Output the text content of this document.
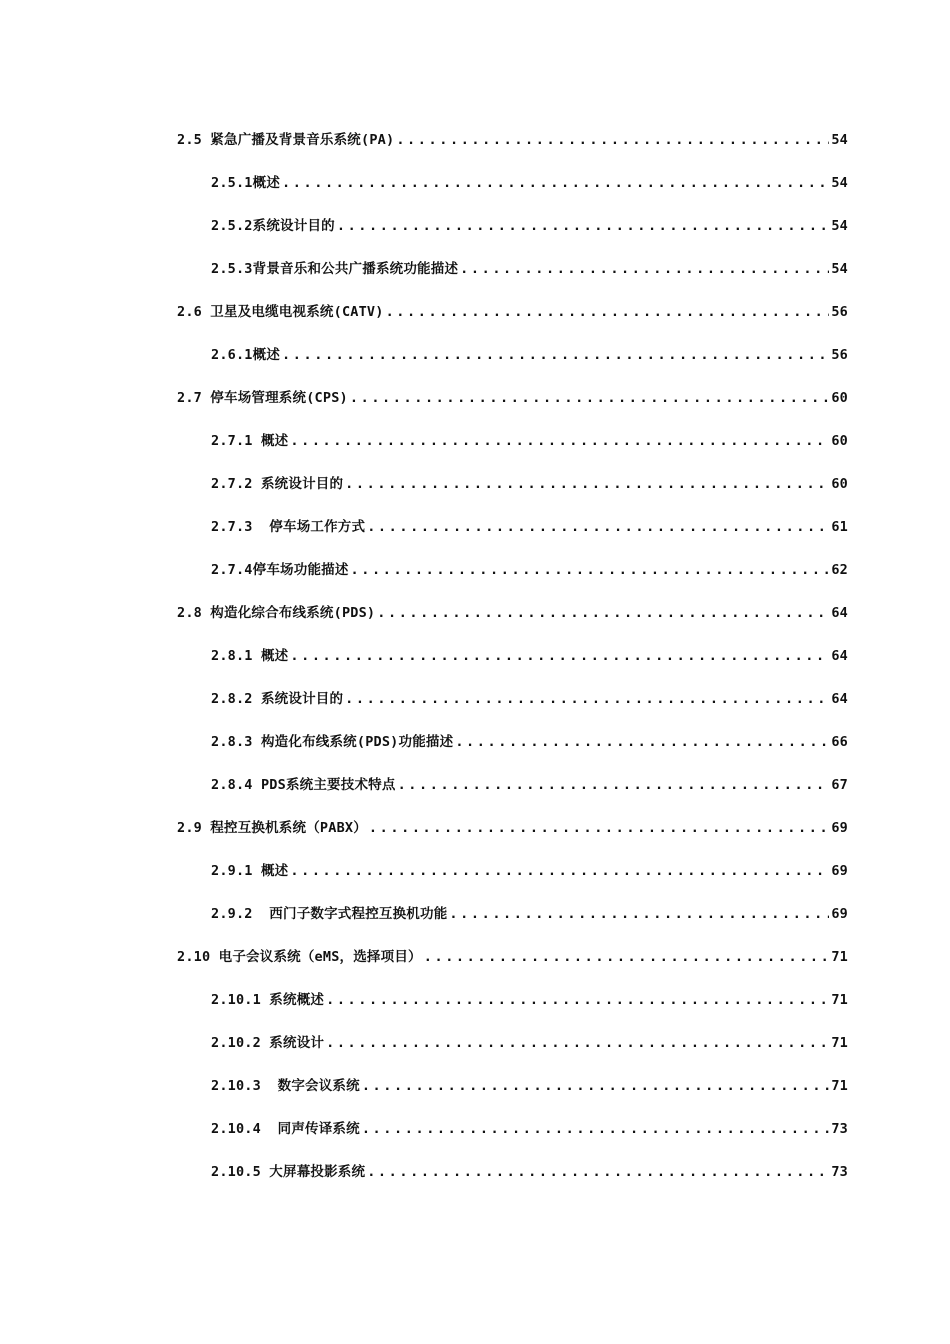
2.5 紧急广播及背景音乐系统(PA) .....	54
2.5.1概述 .....	54
2.5.2系统设计目的 .....	54
2.5.3背景音乐和公共广播系统功能描述 .....	54
2.6 卫星及电缆电视系统(CATV) .....	56
2.6.1概述 .....	56
2.7 停车场管理系统(CPS) .....	60
2.7.1 概述 .....	60
2.7.2 系统设计目的 .....	60
2.7.3  停车场工作方式 .....	61
2.7.4停车场功能描述 .....	62
2.8 构造化综合布线系统(PDS) .....	64
2.8.1 概述 .....	64
2.8.2 系统设计目的 .....	64
2.8.3 构造化布线系统(PDS)功能描述 .....	66
2.8.4 PDS系统主要技术特点 .....	67
2.9 程控互换机系统（PABX） .....	69
2.9.1 概述 .....	69
2.9.2  西门子数字式程控互换机功能 .....	69
2.10 电子会议系统（eMS，选择项目） .....	71
2.10.1 系统概述 .....	71
2.10.2 系统设计 .....	71
2.10.3  数字会议系统 .....	71
2.10.4  同声传译系统 .....	73
2.10.5 大屏幕投影系统 .....	73
